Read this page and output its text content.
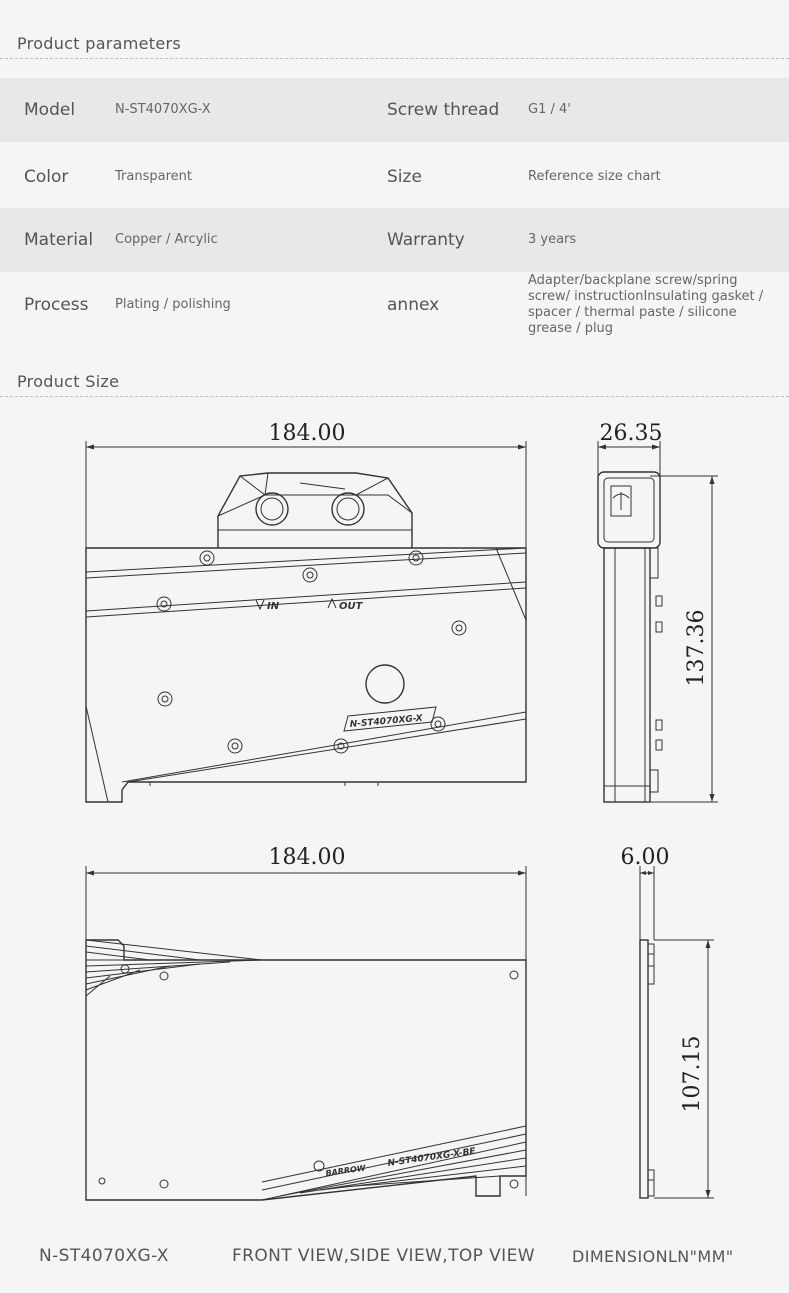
Product parameters
Model	N-ST4070XG-X	Screw thread G1 / 4'
Color	Transparent	Size	Reference size chart
Material Copper / Arcylic	Warranty	3 years
Process Plating / polishing	annex
Adapter/backplane screw/spring screw/ instructionInsulating gasket / spacer / thermal paste / silicone grease / plug
Product Size
IN	OUT
N-ST4070XG-X
184.00	26.35
137.36
BARROW
N-ST4070XG-X-BE
184.00	6.00
107.15
N-ST4070XG-X	FRONT VIEW,SIDE VIEW,TOP VIEW DIMENSIONLN"MM"
